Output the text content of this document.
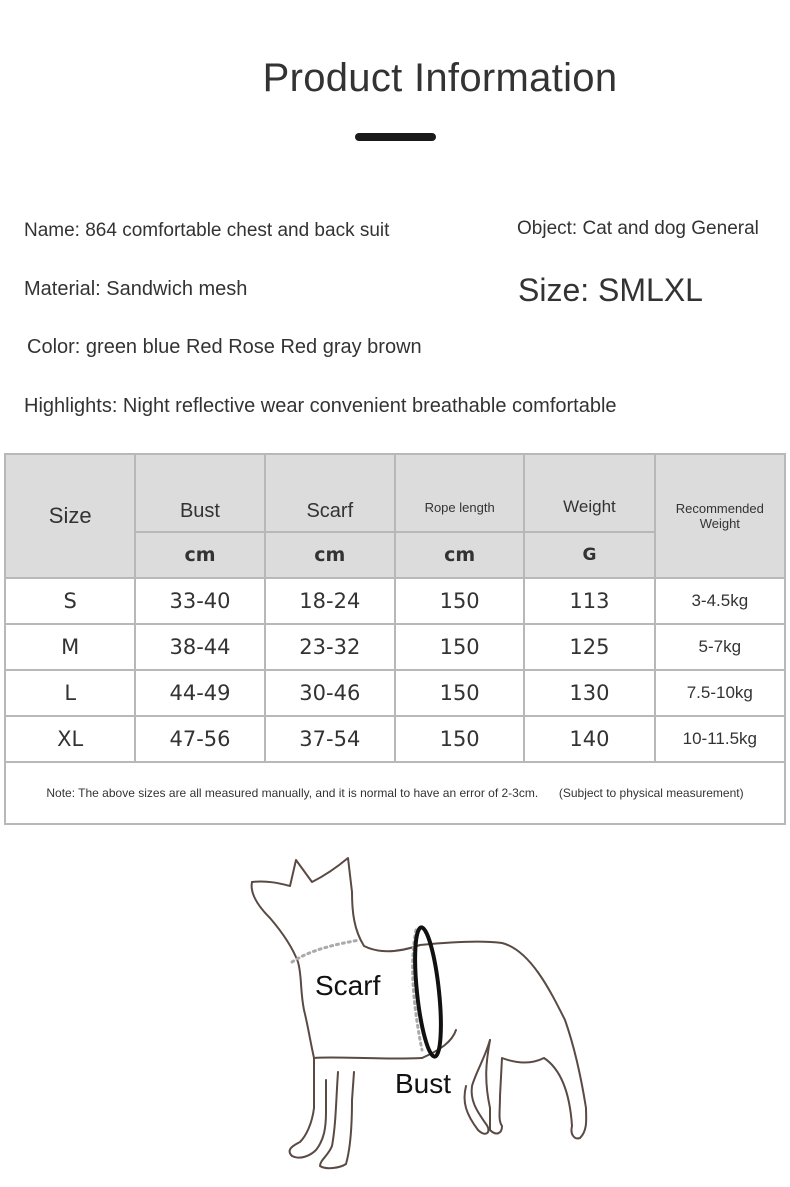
Product Information
Name: 864 comfortable chest and back suit	Object: Cat and dog General
Material: Sandwich mesh	Size: SMLXL
Color: green blue Red Rose Red gray brown
Highlights: Night reflective wear convenient breathable comfortable
Size	Bust	Scarf	Rope length	Weight	Recommended Weight
	cm	cm	cm	G	
S	33-40	18-24	150	113	3-4.5kg
M	38-44	23-32	150	125	5-7kg
L	44-49	30-46	150	130	7.5-10kg
XL	47-56	37-54	150	140	10-11.5kg
Note: The above sizes are all measured manually, and it is normal to have an error of 2-3cm. (Subject to physical measurement)					
Scarf
Bust
